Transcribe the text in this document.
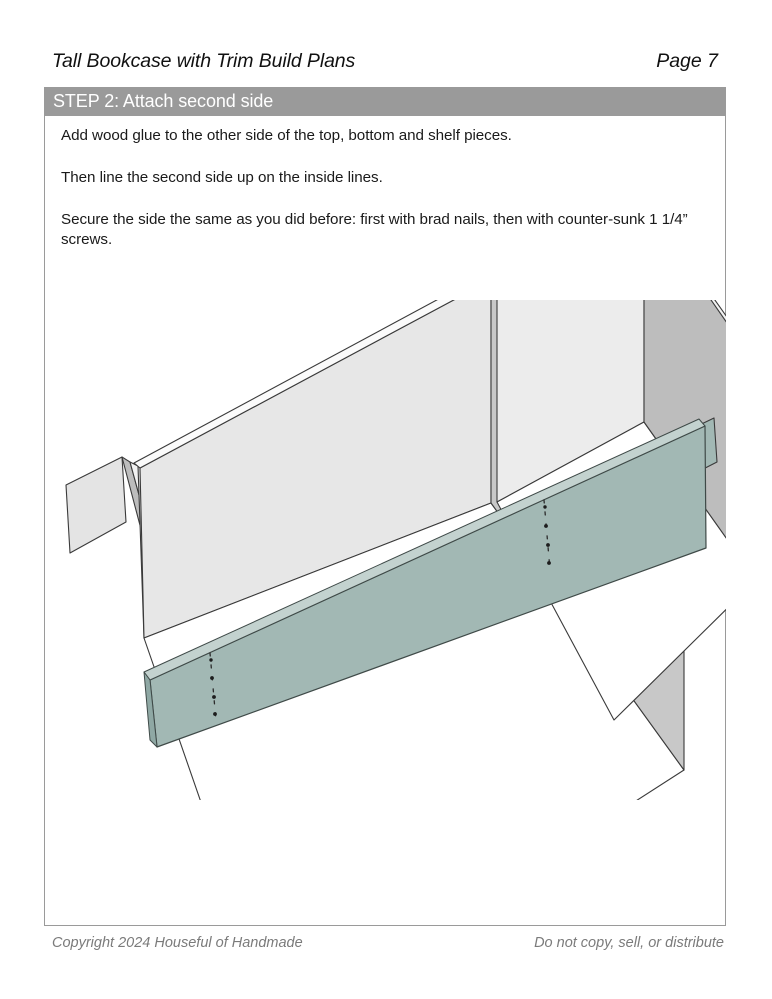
Tall Bookcase with Trim Build Plans	Page 7
STEP 2: Attach second side

Add wood glue to the other side of the top, bottom and shelf pieces.

Then line the second side up on the inside lines.

Secure the side the same as you did before: first with brad nails, then with counter-sunk 1 1/4” screws.

Copyright 2024 Houseful of Handmade	Do not copy, sell, or distribute
